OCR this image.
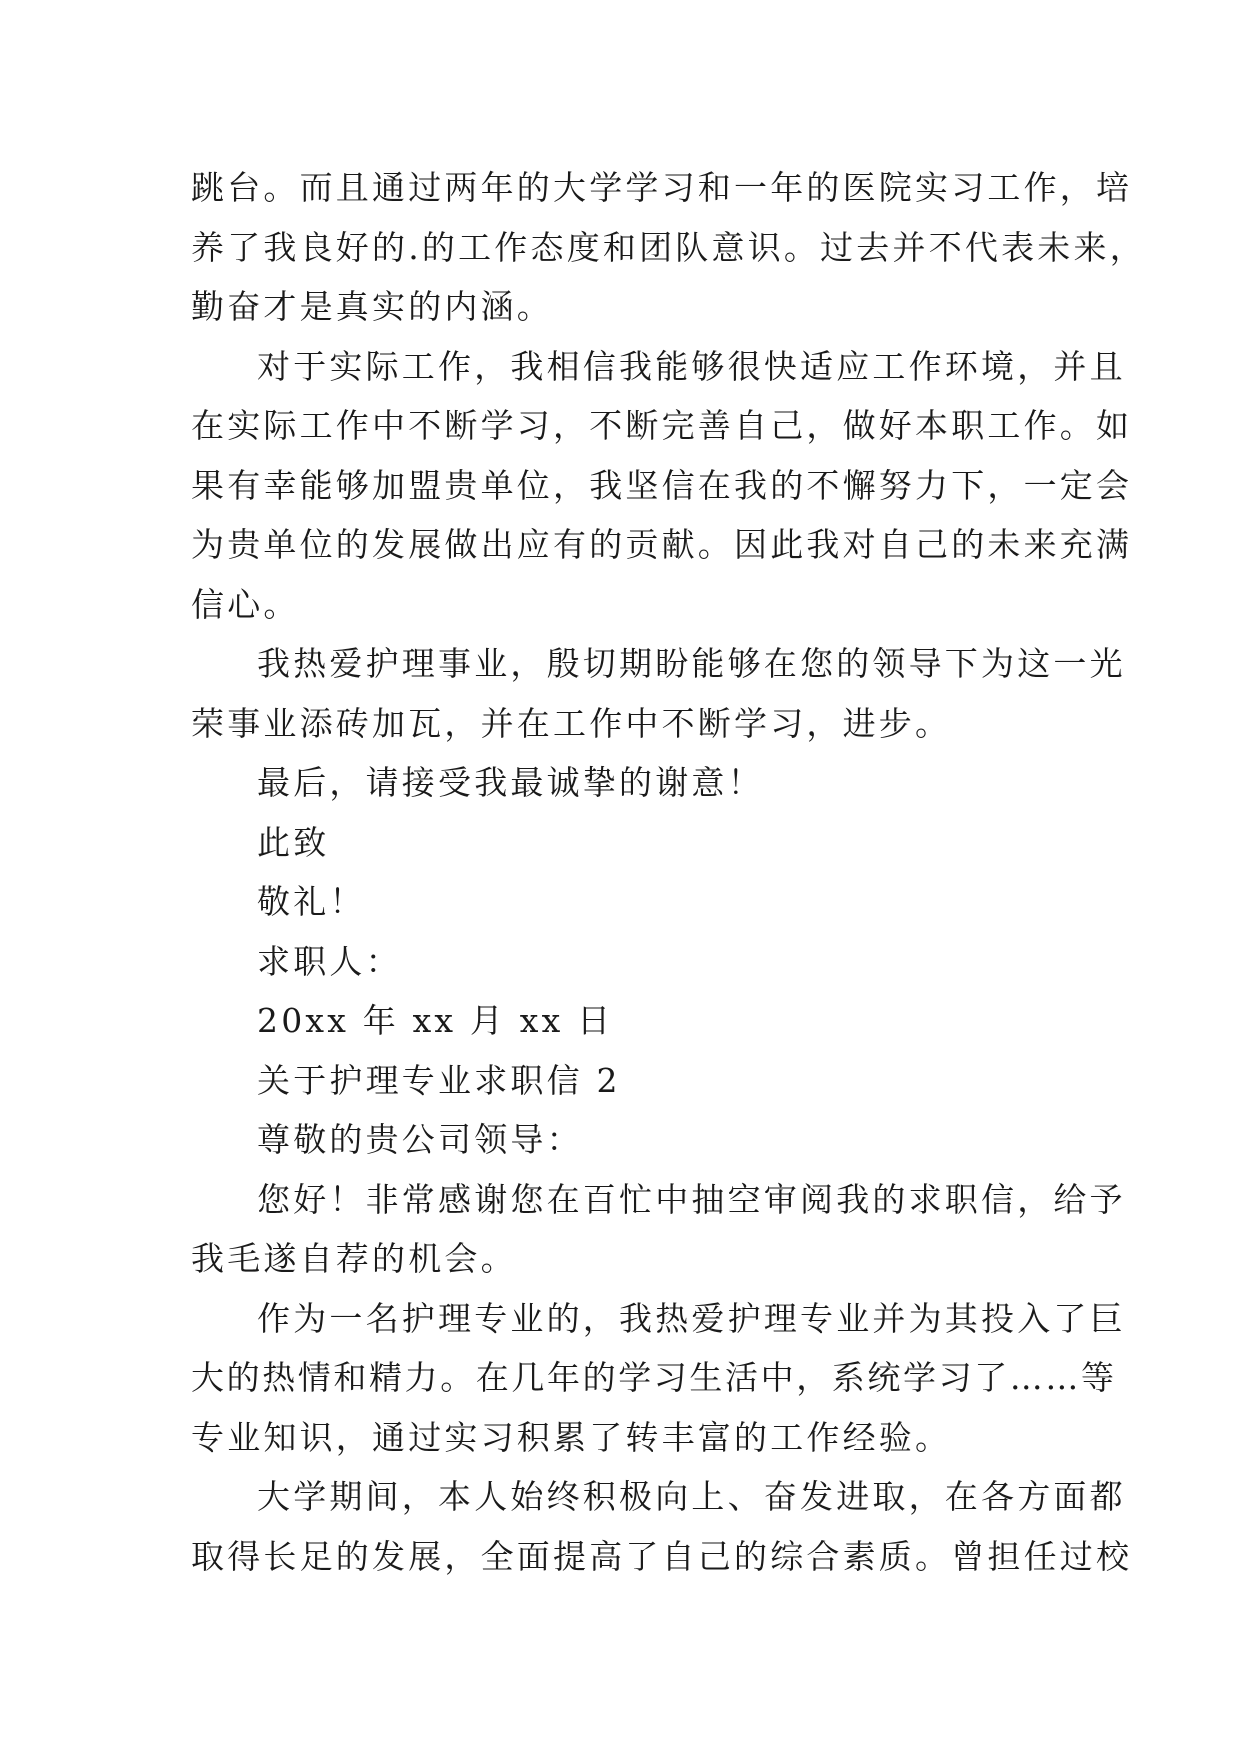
跳台。而且通过两年的大学学习和一年的医院实习工作，培
养了我良好的.的工作态度和团队意识。过去并不代表未来，
勤奋才是真实的内涵。
对于实际工作，我相信我能够很快适应工作环境，并且
在实际工作中不断学习，不断完善自己，做好本职工作。如
果有幸能够加盟贵单位，我坚信在我的不懈努力下，一定会
为贵单位的发展做出应有的贡献。因此我对自己的未来充满
信心。
我热爱护理事业，殷切期盼能够在您的领导下为这一光
荣事业添砖加瓦，并在工作中不断学习，进步。
最后，请接受我最诚挚的谢意！
此致
敬礼！
求职人：
20xx 年 xx 月 xx 日
关于护理专业求职信 2
尊敬的贵公司领导：
您好！非常感谢您在百忙中抽空审阅我的求职信，给予
我毛遂自荐的机会。
作为一名护理专业的，我热爱护理专业并为其投入了巨
大的热情和精力。在几年的学习生活中，系统学习了……等
专业知识，通过实习积累了转丰富的工作经验。
大学期间，本人始终积极向上、奋发进取，在各方面都
取得长足的发展，全面提高了自己的综合素质。曾担任过校
